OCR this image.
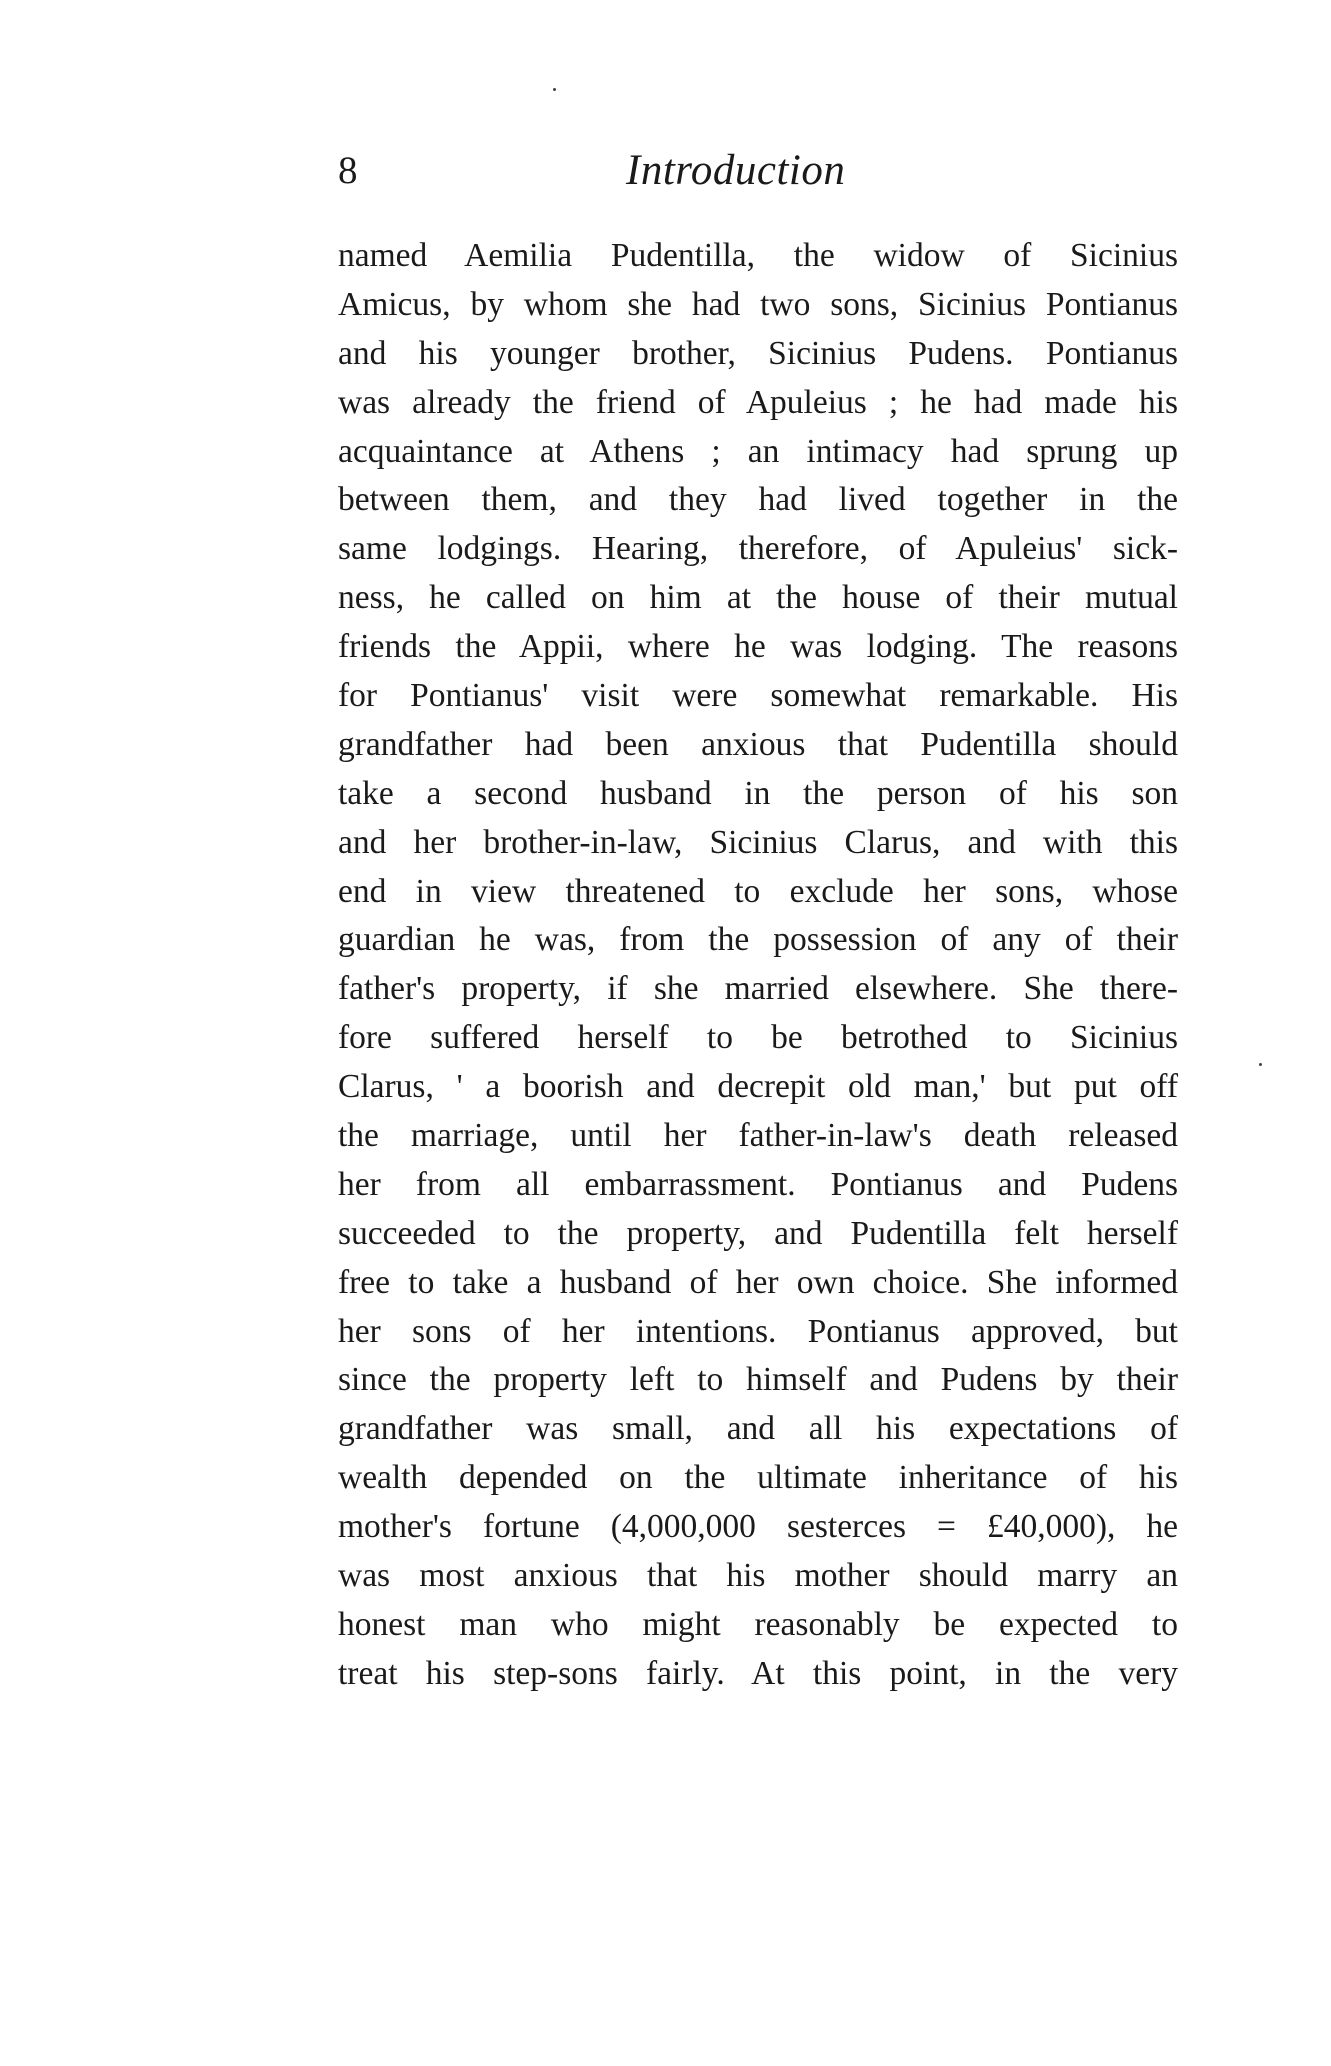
8	Introduction
named Aemilia Pudentilla, the widow of Sicinius
Amicus, by whom she had two sons, Sicinius Pontianus
and his younger brother, Sicinius Pudens. Pontianus
was already the friend of Apuleius ; he had made his
acquaintance at Athens ; an intimacy had sprung up
between them, and they had lived together in the
same lodgings. Hearing, therefore, of Apuleius' sick-
ness, he called on him at the house of their mutual
friends the Appii, where he was lodging. The reasons
for Pontianus' visit were somewhat remarkable. His
grandfather had been anxious that Pudentilla should
take a second husband in the person of his son
and her brother-in-law, Sicinius Clarus, and with this
end in view threatened to exclude her sons, whose
guardian he was, from the possession of any of their
father's property, if she married elsewhere. She there-
fore suffered herself to be betrothed to Sicinius
Clarus, ' a boorish and decrepit old man,' but put off
the marriage, until her father-in-law's death released
her from all embarrassment. Pontianus and Pudens
succeeded to the property, and Pudentilla felt herself
free to take a husband of her own choice. She informed
her sons of her intentions. Pontianus approved, but
since the property left to himself and Pudens by their
grandfather was small, and all his expectations of
wealth depended on the ultimate inheritance of his
mother's fortune (4,000,000 sesterces = £40,000), he
was most anxious that his mother should marry an
honest man who might reasonably be expected to
treat his step-sons fairly. At this point, in the very
